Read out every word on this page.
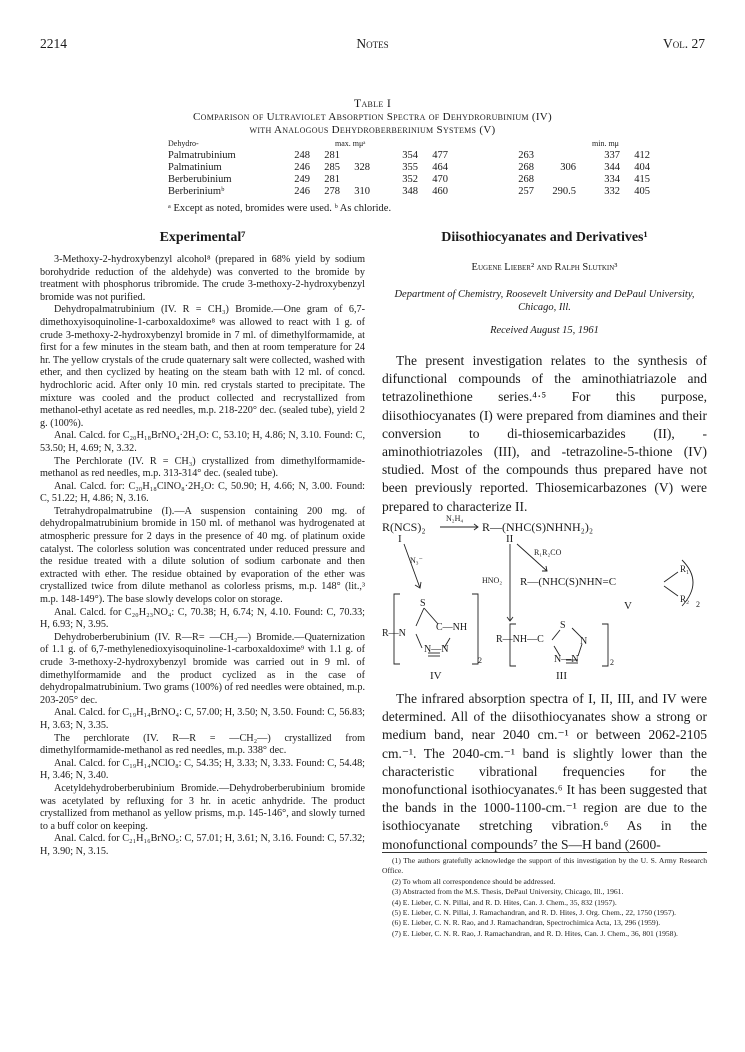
2214	Notes	Vol. 27
Table I
Comparison of Ultraviolet Absorption Spectra of Dehydrorubinium (IV)
with Analogous Dehydroberberinium Systems (V)
Dehydro-	max. mμᵃ	min. mμ
Palmatrubinium	248	281		354	477	263		337	412
Palmatinium	246	285	328	355	464	268	306	344	404
Berberubinium	249	281		352	470	268		334	415
Berberiniumᵇ	246	278	310	348	460	257	290.5	332	405
ᵃ Except as noted, bromides were used. ᵇ As chloride.
Experimental⁷

3-Methoxy-2-hydroxybenzyl alcohol⁸ (prepared in 68% yield by sodium borohydride reduction of the aldehyde) was converted to the bromide by treatment with phosphorus tribromide. The crude 3-methoxy-2-hydroxybenzyl bromide was not purified.

Dehydropalmatrubinium (IV. R = CH₃) Bromide.—One gram of 6,7-dimethoxyisoquinoline-1-carboxaldoxime⁸ was allowed to react with 1 g. of crude 3-methoxy-2-hydroxybenzyl bromide in 7 ml. of dimethylformamide, at first for a few minutes in the steam bath, and then at room temperature for 24 hr. The yellow crystals of the crude quaternary salt were collected, washed with ether, and then cyclized by heating on the steam bath with 12 ml. of concd. hydrochloric acid. After only 10 min. red crystals started to precipitate. The mixture was cooled and the product collected and recrystallized from methanol-ethyl acetate as red needles, m.p. 218-220° dec. (sealed tube), yield 2 g. (100%).

Anal. Calcd. for C₂₀H₁₈BrNO₄·2H₂O: C, 53.10; H, 4.86; N, 3.10. Found: C, 53.50; H, 4.69; N, 3.32.

The Perchlorate (IV. R = CH₃) crystallized from dimethylformamide-methanol as red needles, m.p. 313-314° dec. (sealed tube).

Anal. Calcd. for: C₂₀H₁₈ClNO₈·2H₂O: C, 50.90; H, 4.66; N, 3.00. Found: C, 51.22; H, 4.86; N, 3.16.

Tetrahydropalmatrubine (I).—A suspension containing 200 mg. of dehydropalmatrubinium bromide in 150 ml. of methanol was hydrogenated at atmospheric pressure for 2 days in the presence of 40 mg. of platinum oxide catalyst. The colorless solution was concentrated under reduced pressure and the residue treated with a dilute solution of sodium carbonate and then extracted with ether. The residue obtained by evaporation of the ether was crystallized twice from dilute methanol as colorless prisms, m.p. 148° (lit.,³ m.p. 148-149°). The base slowly develops color on storage.

Anal. Calcd. for C₂₀H₂₃NO₄: C, 70.38; H, 6.74; N, 4.10. Found: C, 70.33; H, 6.93; N, 3.95.

Dehydroberberubinium (IV. R—R= —CH₂—) Bromide.—Quaternization of 1.1 g. of 6,7-methylenedioxyisoquinoline-1-carboxaldoxime⁹ with 1.1 g. of crude 3-methoxy-2-hydroxybenzyl bromide was carried out in 9 ml. of dimethylformamide and the product cyclized as in the case of dehydropalmatrubinium. Two grams (100%) of red needles were obtained, m.p. 203-205° dec.

Anal. Calcd. for C₁₉H₁₄BrNO₄: C, 57.00; H, 3.50; N, 3.50. Found: C, 56.83; H, 3.63; N, 3.35.

The perchlorate (IV. R—R = —CH₂—) crystallized from dimethylformamide-methanol as red needles, m.p. 338° dec.

Anal. Calcd. for C₁₉H₁₄NClO₈: C, 54.35; H, 3.33; N, 3.33. Found: C, 54.48; H, 3.46; N, 3.40.

Acetyldehydroberberubinium Bromide.—Dehydroberberubinium bromide was acetylated by refluxing for 3 hr. in acetic anhydride. The product crystallized from methanol as yellow prisms, m.p. 145-146°, and slowly turned to a buff color on keeping.

Anal. Calcd. for C₂₁H₁₆BrNO₅: C, 57.01; H, 3.61; N, 3.16. Found: C, 57.32; H, 3.90; N, 3.15.

Diisothiocyanates and Derivatives¹
Eugene Lieber² and Ralph Slutkin³
Department of Chemistry, Roosevelt University and DePaul University, Chicago, Ill.
Received August 15, 1961

The present investigation relates to the synthesis of difunctional compounds of the aminothiatriazole and tetrazolinethione series.⁴·⁵ For this purpose, diisothiocyanates (I) were prepared from diamines and their conversion to di-thiosemicarbazides (II), -aminothiotriazoles (III), and -tetrazoline-5-thione (IV) studied. Most of the compounds thus prepared have not been previously reported. Thiosemicarbazones (V) were prepared to characterize II.

R(NCS)₂
N₂H₄
R—(NHC(S)NHNH₂)₂
I	II
N₃⁻
R₁R₂CO
HNO₂ R—(NHC(S)NHN=C
R₁
R₂
2
V
S
C—NH
R—N
N—N
2
IV
S
R—NH—C	N
N—N	2
III

The infrared absorption spectra of I, II, III, and IV were determined. All of the diisothiocyanates show a strong or medium band, near 2040 cm.⁻¹ or between 2062-2105 cm.⁻¹. The 2040-cm.⁻¹ band is slightly lower than the characteristic vibrational frequencies for the monofunctional isothiocyanates.⁶ It has been suggested that the bands in the 1000-1100-cm.⁻¹ region are due to the isothiocyanate stretching vibration.⁶ As in the monofunctional compounds⁷ the S—H band (2600-

(1) The authors gratefully acknowledge the support of this investigation by the U. S. Army Research Office.

(2) To whom all correspondence should be addressed.

(3) Abstracted from the M.S. Thesis, DePaul University, Chicago, Ill., 1961.

(4) E. Lieber, C. N. Pillai, and R. D. Hites, Can. J. Chem., 35, 832 (1957).

(5) E. Lieber, C. N. Pillai, J. Ramachandran, and R. D. Hites, J. Org. Chem., 22, 1750 (1957).

(6) E. Lieber, C. N. R. Rao, and J. Ramachandran, Spectrochimica Acta, 13, 296 (1959).

(7) E. Lieber, C. N. R. Rao, J. Ramachandran, and R. D. Hites, Can. J. Chem., 36, 801 (1958).
